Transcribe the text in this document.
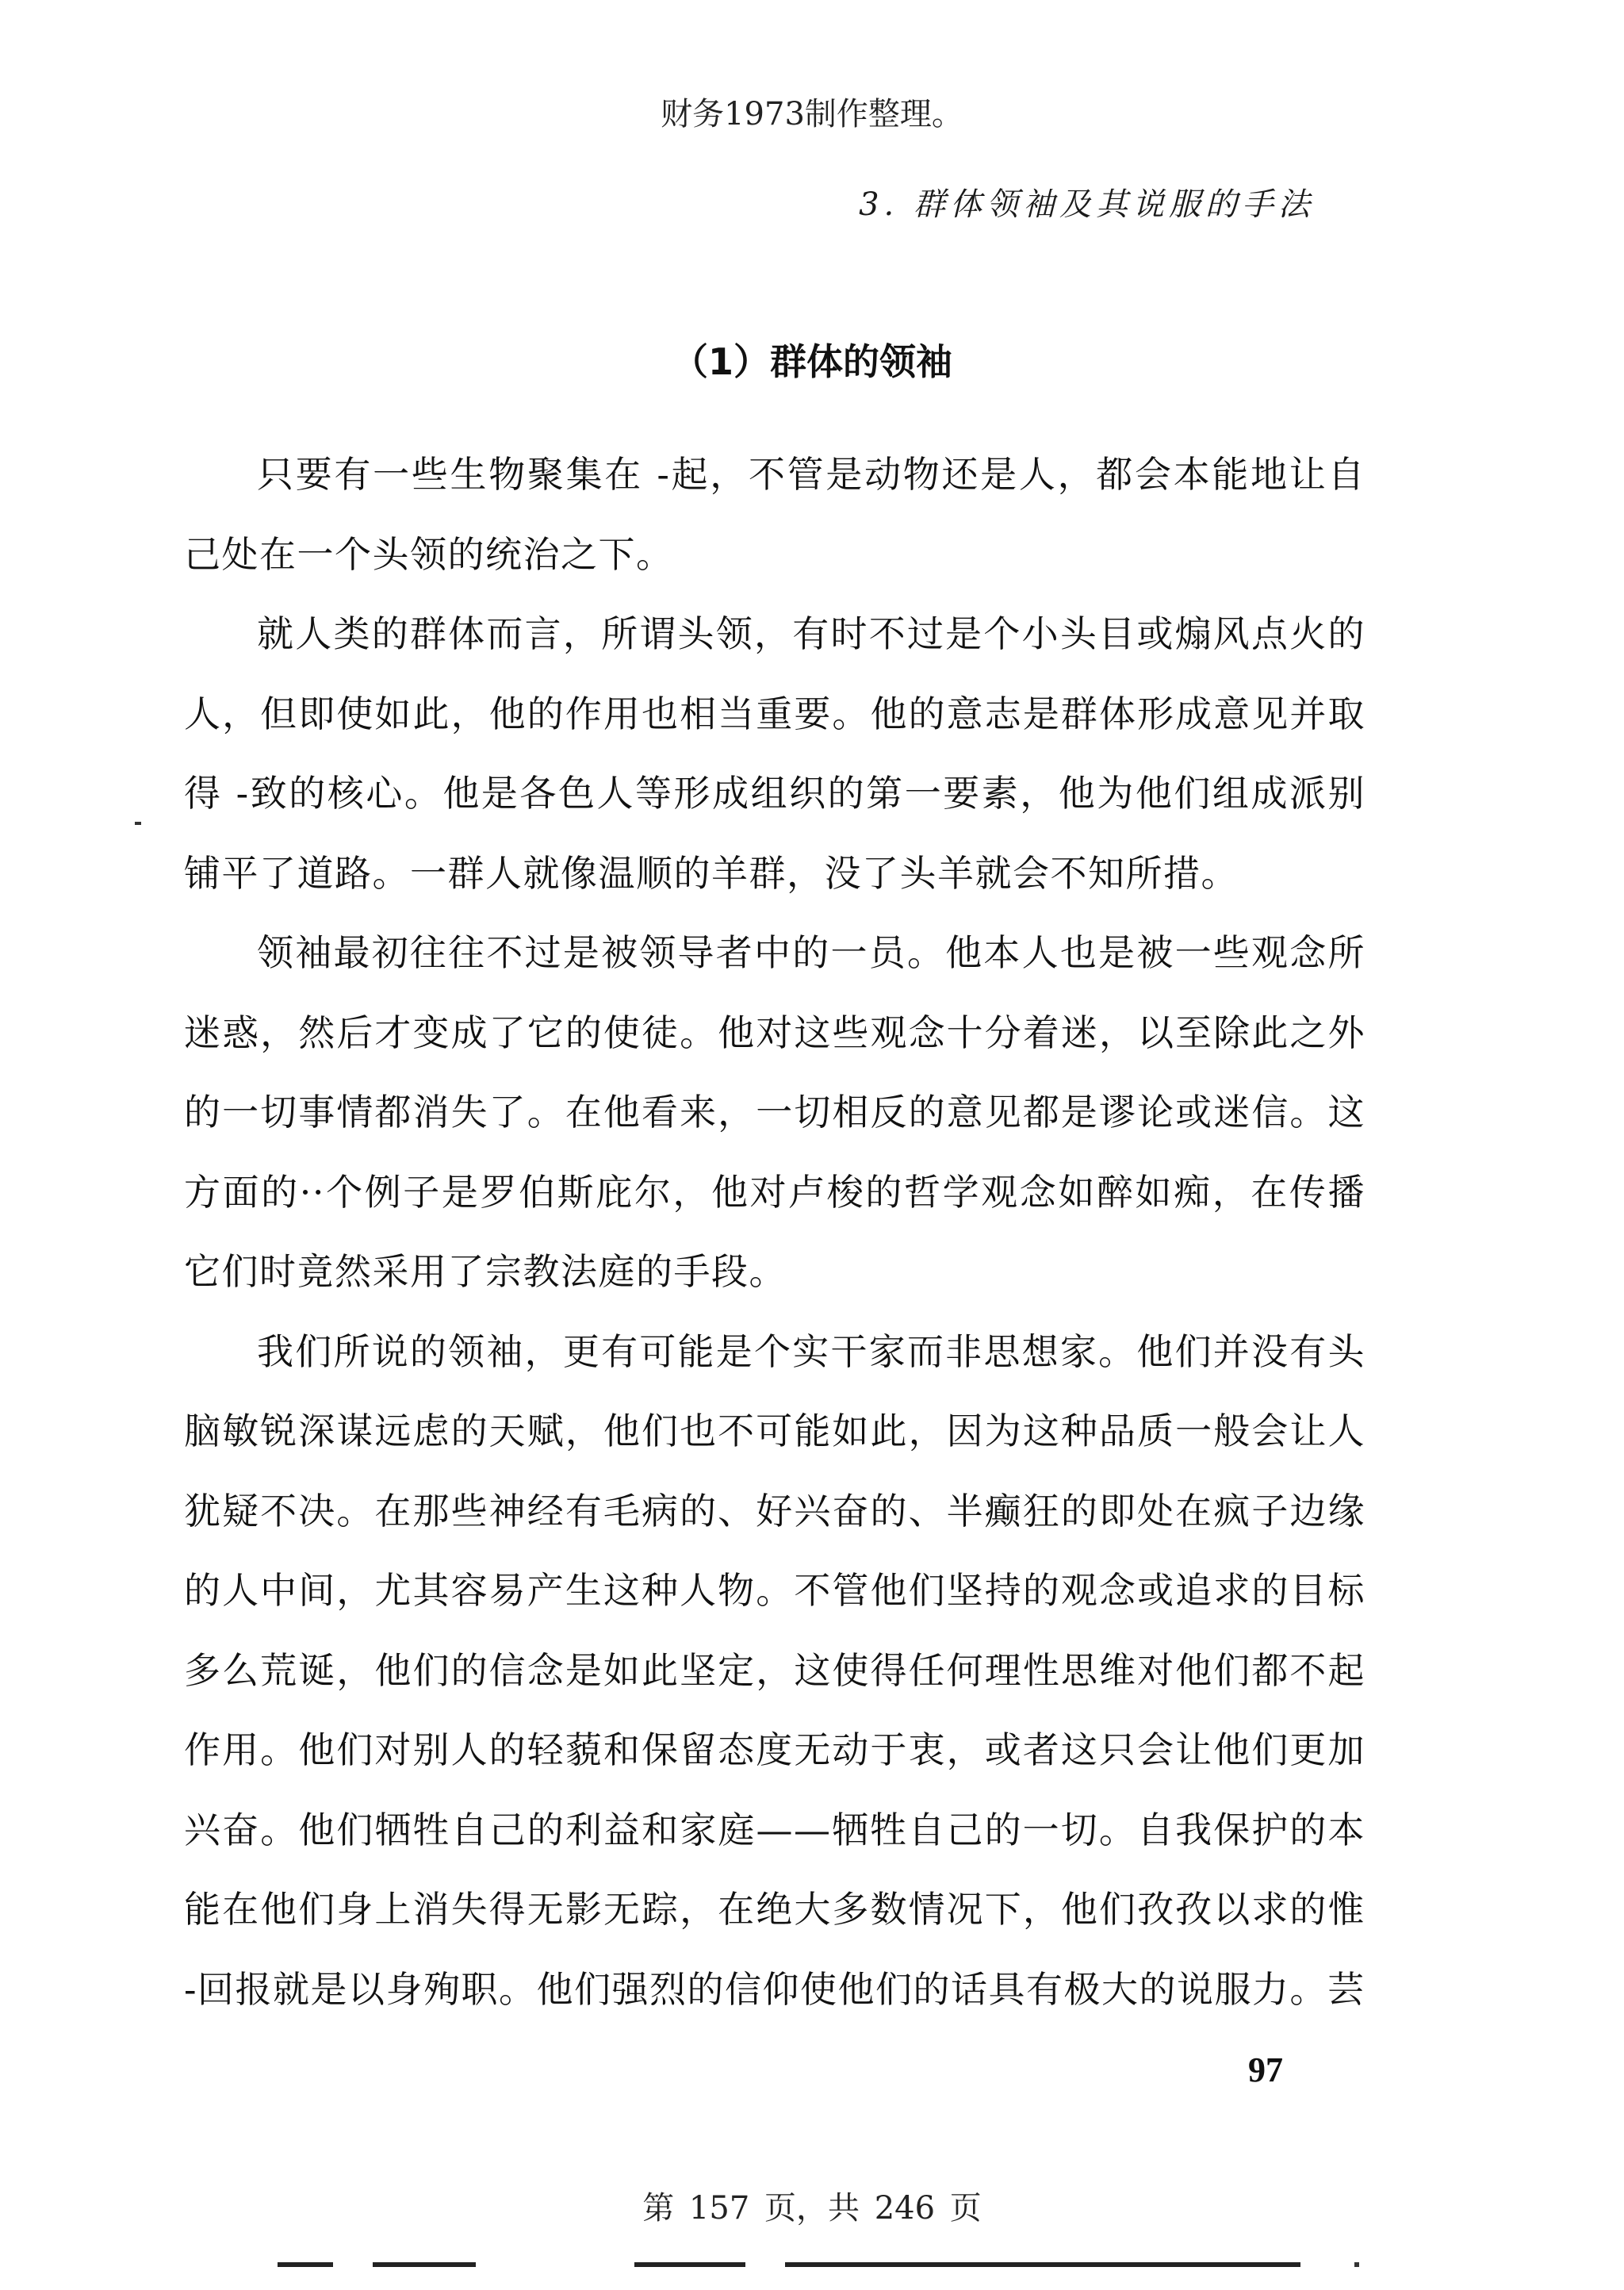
财务1973制作整理。
3. 群体领袖及其说服的手法
（1）群体的领袖

只要有一些生物聚集在 -起，不管是动物还是人，都会本能地让自己处在一个头领的统治之下。

就人类的群体而言，所谓头领，有时不过是个小头目或煽风点火的人，但即使如此，他的作用也相当重要。他的意志是群体形成意见并取得 -致的核心。他是各色人等形成组织的第一要素，他为他们组成派别铺平了道路。一群人就像温顺的羊群，没了头羊就会不知所措。

领袖最初往往不过是被领导者中的一员。他本人也是被一些观念所迷惑，然后才变成了它的使徒。他对这些观念十分着迷，以至除此之外的一切事情都消失了。在他看来，一切相反的意见都是谬论或迷信。这方面的··个例子是罗伯斯庇尔，他对卢梭的哲学观念如醉如痴，在传播它们时竟然采用了宗教法庭的手段。

我们所说的领袖，更有可能是个实干家而非思想家。他们并没有头脑敏锐深谋远虑的天赋，他们也不可能如此，因为这种品质一般会让人犹疑不决。在那些神经有毛病的、好兴奋的、半癫狂的即处在疯子边缘的人中间，尤其容易产生这种人物。不管他们坚持的观念或追求的目标多么荒诞，他们的信念是如此坚定，这使得任何理性思维对他们都不起作用。他们对别人的轻藐和保留态度无动于衷，或者这只会让他们更加兴奋。他们牺牲自己的利益和家庭——牺牲自己的一切。自我保护的本能在他们身上消失得无影无踪，在绝大多数情况下，他们孜孜以求的惟 -回报就是以身殉职。他们强烈的信仰使他们的话具有极大的说服力。芸

97
第 157 页，共 246 页
